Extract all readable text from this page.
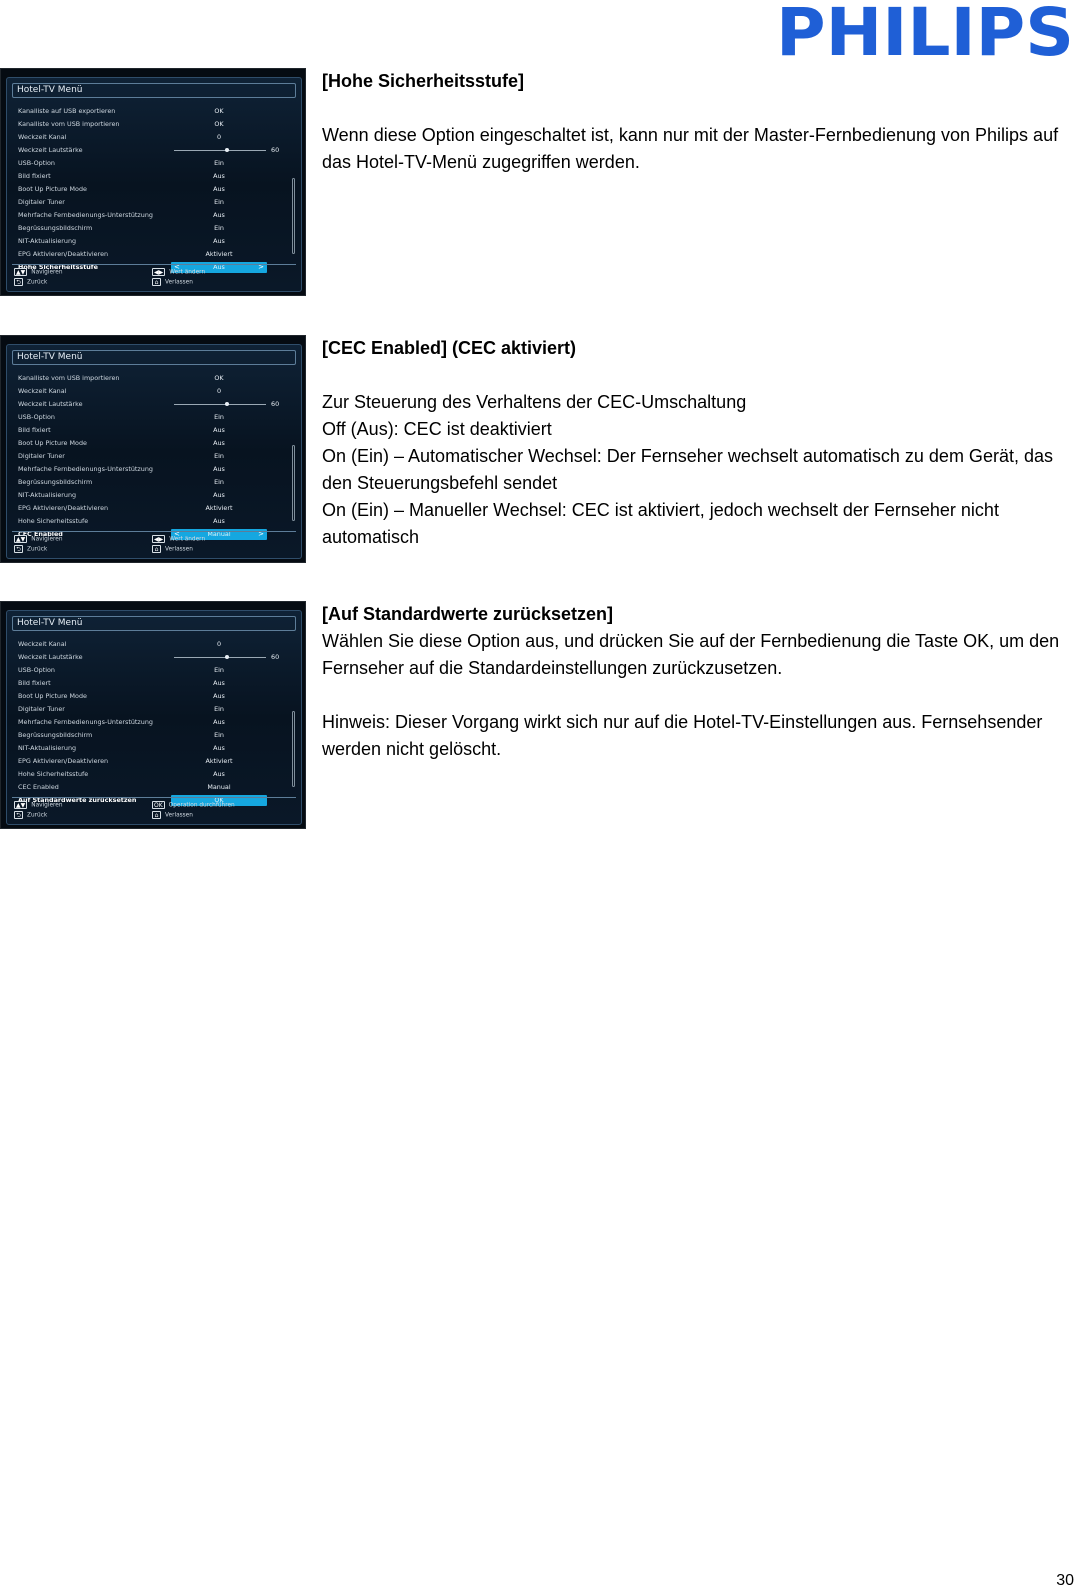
PHILIPS
Hotel-TV Menü
Kanalliste auf USB exportieren	OK
Kanalliste vom USB importieren	OK
Weckzeit Kanal	0
Weckzeit Lautstärke	60
USB-Option	Ein
Bild fixiert	Aus
Boot Up Picture Mode	Aus
Digitaler Tuner	Ein
Mehrfache Fernbedienungs-Unterstützung	Aus
Begrüssungsbildschirm	Ein
NIT-Aktualisierung	Aus
EPG Aktivieren/Deaktivieren	Aktiviert
Hohe Sicherheitsstufe	<	Aus	>
▲▼ Navigieren	◀▶ Wert ändern
⮌ Zurück	⌂ Verlassen

[Hohe Sicherheitsstufe]

Wenn diese Option eingeschaltet ist, kann nur mit der Master-Fernbedienung von Philips auf das Hotel-TV-Menü zugegriffen werden.

Hotel-TV Menü
Kanalliste vom USB importieren	OK
Weckzeit Kanal	0
Weckzeit Lautstärke	60
USB-Option	Ein
Bild fixiert	Aus
Boot Up Picture Mode	Aus
Digitaler Tuner	Ein
Mehrfache Fernbedienungs-Unterstützung	Aus
Begrüssungsbildschirm	Ein
NIT-Aktualisierung	Aus
EPG Aktivieren/Deaktivieren	Aktiviert
Hohe Sicherheitsstufe	Aus
CEC Enabled	<	Manual	>
▲▼ Navigieren	◀▶ Wert ändern
⮌ Zurück	⌂ Verlassen

[CEC Enabled] (CEC aktiviert)

Zur Steuerung des Verhaltens der CEC-Umschaltung

Off (Aus): CEC ist deaktiviert

On (Ein) – Automatischer Wechsel: Der Fernseher wechselt automatisch zu dem Gerät, das den Steuerungsbefehl sendet

On (Ein) – Manueller Wechsel: CEC ist aktiviert, jedoch wechselt der Fernseher nicht automatisch

Hotel-TV Menü
Weckzeit Kanal	0
Weckzeit Lautstärke	60
USB-Option	Ein
Bild fixiert	Aus
Boot Up Picture Mode	Aus
Digitaler Tuner	Ein
Mehrfache Fernbedienungs-Unterstützung	Aus
Begrüssungsbildschirm	Ein
NIT-Aktualisierung	Aus
EPG Aktivieren/Deaktivieren	Aktiviert
Hohe Sicherheitsstufe	Aus
CEC Enabled	Manual
Auf Standardwerte zurücksetzen	OK
▲▼ Navigieren	OK Operation durchführen
⮌ Zurück	⌂ Verlassen

[Auf Standardwerte zurücksetzen]

Wählen Sie diese Option aus, und drücken Sie auf der Fernbedienung die Taste OK, um den Fernseher auf die Standardeinstellungen zurückzusetzen.

Hinweis: Dieser Vorgang wirkt sich nur auf die Hotel-TV-Einstellungen aus. Fernsehsender werden nicht gelöscht.

30
